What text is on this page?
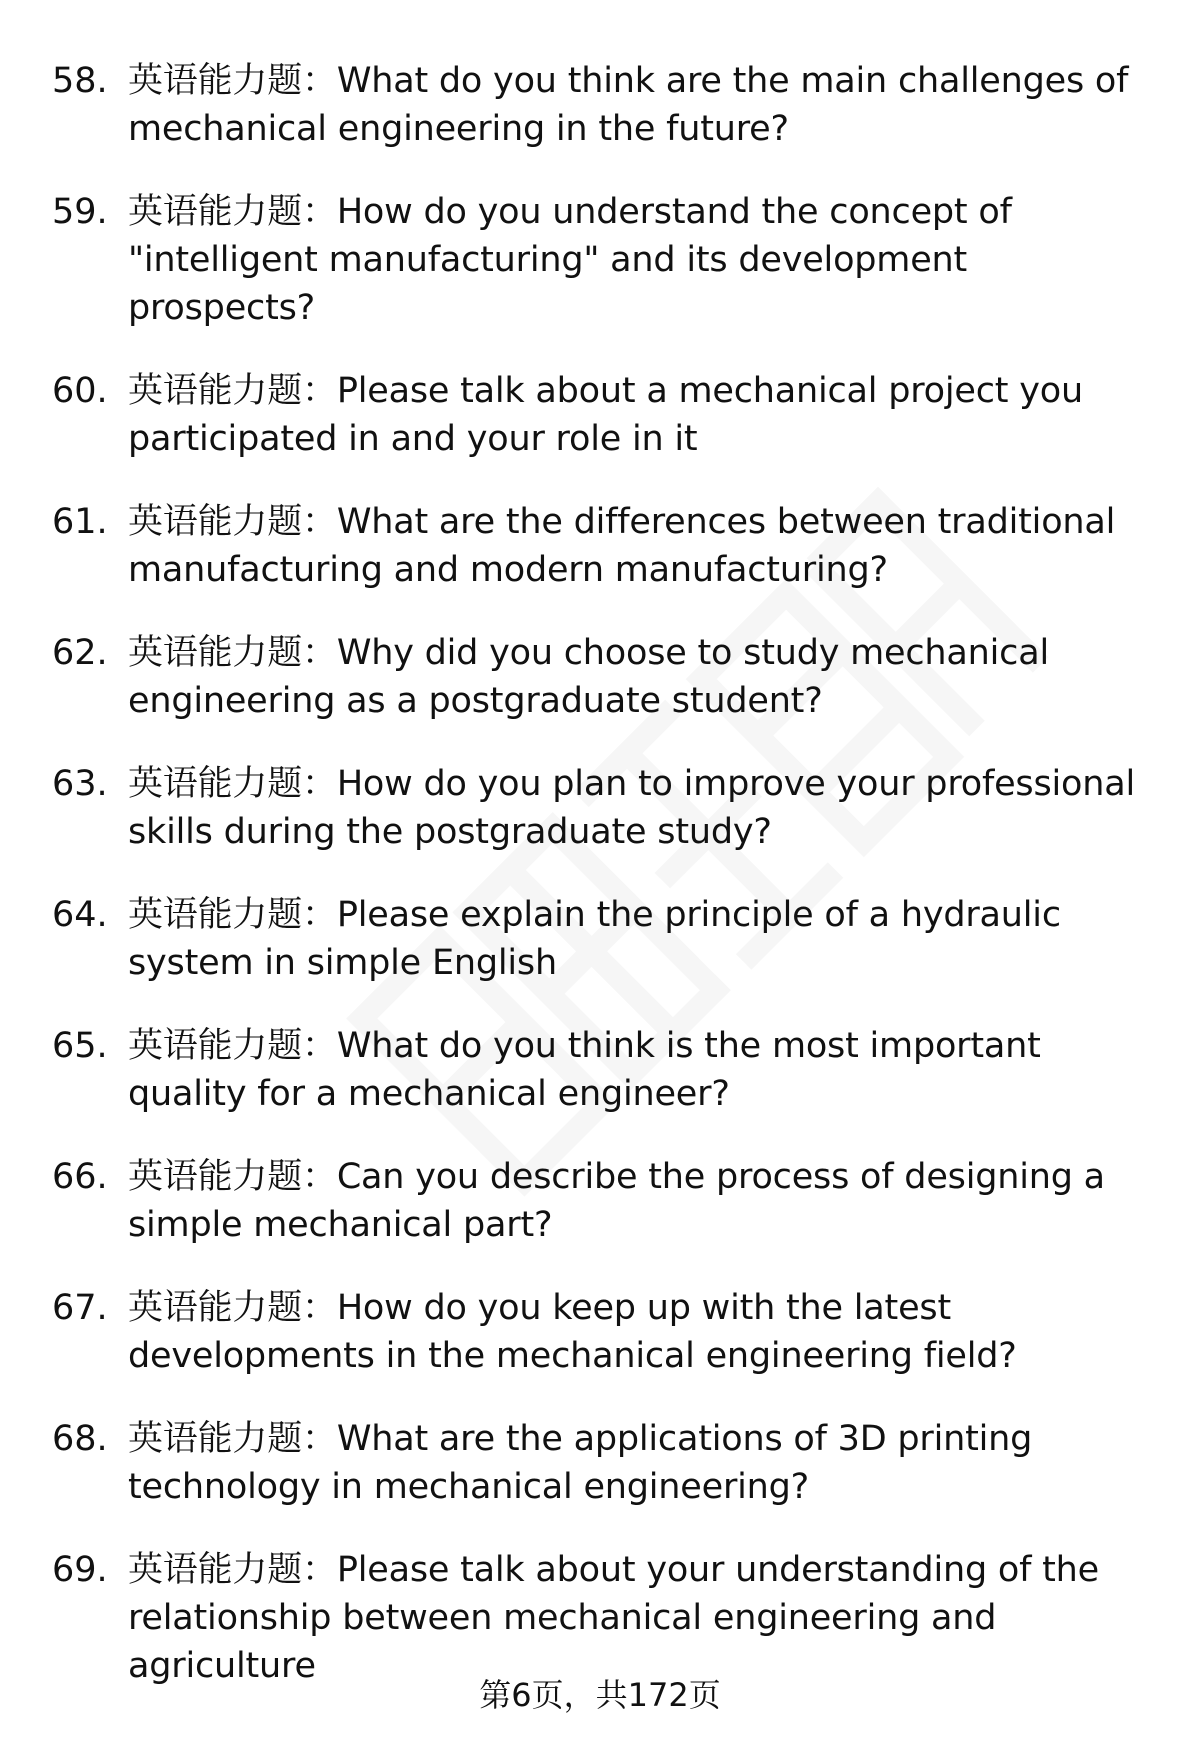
58. 英语能力题：What do you think are the main challenges of mechanical engineering in the future?
59. 英语能力题：How do you understand the concept of "intelligent manufacturing" and its development prospects?
60. 英语能力题：Please talk about a mechanical project you participated in and your role in it
61. 英语能力题：What are the differences between traditional manufacturing and modern manufacturing?
62. 英语能力题：Why did you choose to study mechanical engineering as a postgraduate student?
63. 英语能力题：How do you plan to improve your professional skills during the postgraduate study?
64. 英语能力题：Please explain the principle of a hydraulic system in simple English
65. 英语能力题：What do you think is the most important quality for a mechanical engineer?
66. 英语能力题：Can you describe the process of designing a simple mechanical part?
67. 英语能力题：How do you keep up with the latest developments in the mechanical engineering field?
68. 英语能力题：What are the applications of 3D printing technology in mechanical engineering?
69. 英语能力题：Please talk about your understanding of the relationship between mechanical engineering and agriculture
第6页，共172页
